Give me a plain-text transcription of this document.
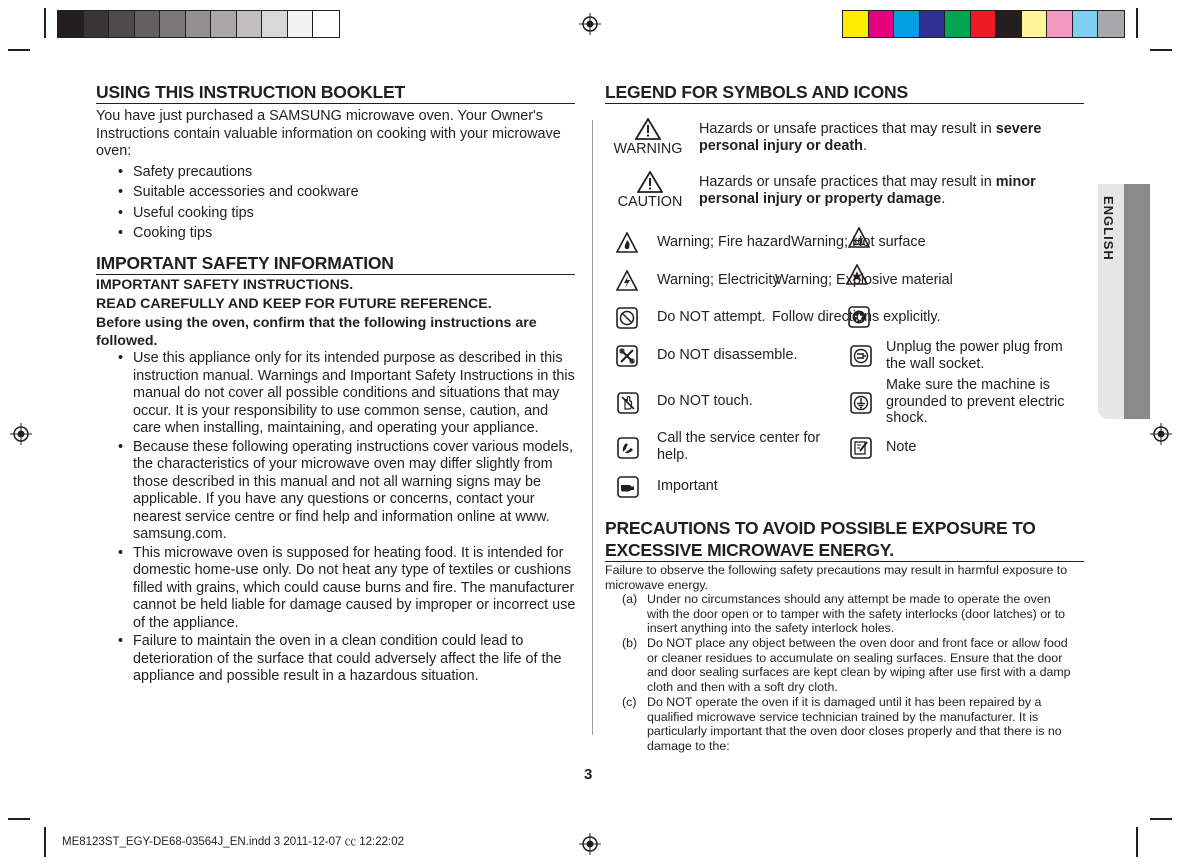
USING THIS INSTRUCTION BOOKLET
You have just purchased a SAMSUNG microwave oven. Your Owner's Instructions contain valuable information on cooking with your microwave oven:
• Safety precautions
• Suitable accessories and cookware
• Useful cooking tips
• Cooking tips
IMPORTANT SAFETY INFORMATION
IMPORTANT SAFETY INSTRUCTIONS.
READ CAREFULLY AND KEEP FOR FUTURE REFERENCE.
Before using the oven, confirm that the following instructions are followed.
• Use this appliance only for its intended purpose as described in this instruction manual. Warnings and Important Safety Instructions in this manual do not cover all possible conditions and situations that may occur. It is your responsibility to use common sense, caution, and care when installing, maintaining, and operating your appliance.
• Because these following operating instructions cover various models, the characteristics of your microwave oven may differ slightly from those described in this manual and not all warning signs may be applicable. If you have any questions or concerns, contact your nearest service centre or find help and information online at www. samsung.com.
• This microwave oven is supposed for heating food. It is intended for domestic home-use only. Do not heat any type of textiles or cushions filled with grains, which could cause burns and fire. The manufacturer cannot be held liable for damage caused by improper or incorrect use of the appliance.
• Failure to maintain the oven in a clean condition could lead to deterioration of the surface that could adversely affect the life of the appliance and possible result in a hazardous situation.
LEGEND FOR SYMBOLS AND ICONS
WARNING
Hazards or unsafe practices that may result in severe
personal injury or death.
CAUTION
Hazards or unsafe practices that may result in minor
personal injury or property damage.
Warning; Fire hazard Warning; Hot surface
Warning; Electricity
Warning; Explosive material
Do NOT attempt. Follow directions explicitly.
Do NOT disassemble.	Unplug the power plug from the wall socket.
Do NOT touch.
Make sure the machine is grounded to prevent electric shock.
Call the service center for help.	Note
Important
PRECAUTIONS TO AVOID POSSIBLE EXPOSURE TO
EXCESSIVE MICROWAVE ENERGY.
Failure to observe the following safety precautions may result in harmful exposure to microwave energy.
(a) Under no circumstances should any attempt be made to operate the oven with the door open or to tamper with the safety interlocks (door latches) or to insert anything into the safety interlock holes.
(b) Do NOT place any object between the oven door and front face or allow food or cleaner residues to accumulate on sealing surfaces. Ensure that the door and door sealing surfaces are kept clean by wiping after use first with a damp cloth and then with a soft dry cloth.
(c) Do NOT operate the oven if it is damaged until it has been repaired by a qualified microwave service technician trained by the manufacturer. It is particularly important that the oven door closes properly and that there is no damage to the:
ENGLISH
3
ME8123ST_EGY-DE68-03564J_EN.indd 3 2011-12-07 ㏄ 12:22:02
